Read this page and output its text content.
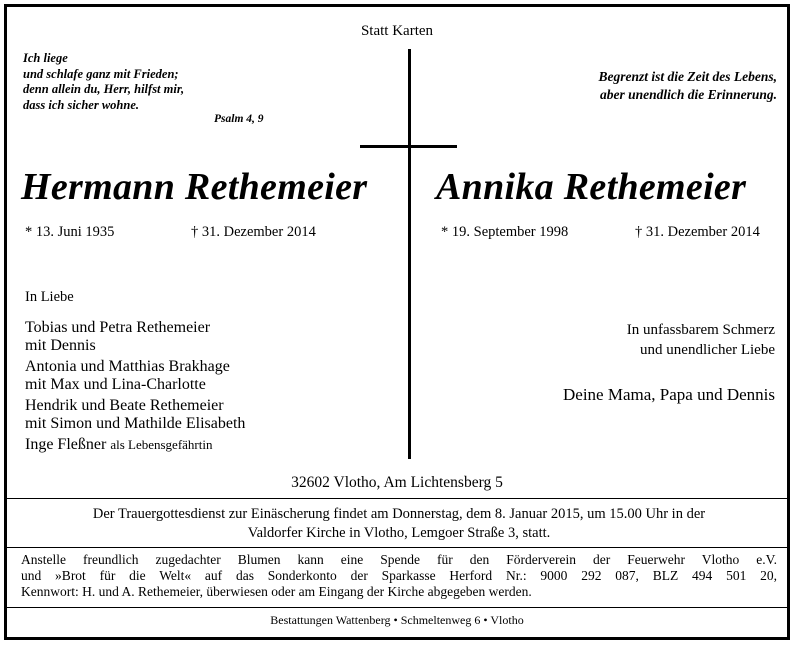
Statt Karten
Ich liege
und schlafe ganz mit Frieden;
denn allein du, Herr, hilfst mir,
dass ich sicher wohne.
Psalm 4, 9
Begrenzt ist die Zeit des Lebens,
aber unendlich die Erinnerung.
Hermann Rethemeier Annika Rethemeier
* 13. Juni 1935	† 31. Dezember 2014	* 19. September 1998	† 31. Dezember 2014
In Liebe
Tobias und Petra Rethemeier
mit Dennis
Antonia und Matthias Brakhage
mit Max und Lina-Charlotte
Hendrik und Beate Rethemeier
mit Simon und Mathilde Elisabeth
Inge Fleßner als Lebensgefährtin
In unfassbarem Schmerz
und unendlicher Liebe
Deine Mama, Papa und Dennis
32602 Vlotho, Am Lichtensberg 5
Der Trauergottesdienst zur Einäscherung findet am Donnerstag, dem 8. Januar 2015, um 15.00 Uhr in der
Valdorfer Kirche in Vlotho, Lemgoer Straße 3, statt.
Anstelle freundlich zugedachter Blumen kann eine Spende für den Förderverein der Feuerwehr Vlotho e.V.
und »Brot für die Welt« auf das Sonderkonto der Sparkasse Herford Nr.: 9000 292 087, BLZ 494 501 20,
Kennwort: H. und A. Rethemeier, überwiesen oder am Eingang der Kirche abgegeben werden.
Bestattungen Wattenberg • Schmeltenweg 6 • Vlotho
